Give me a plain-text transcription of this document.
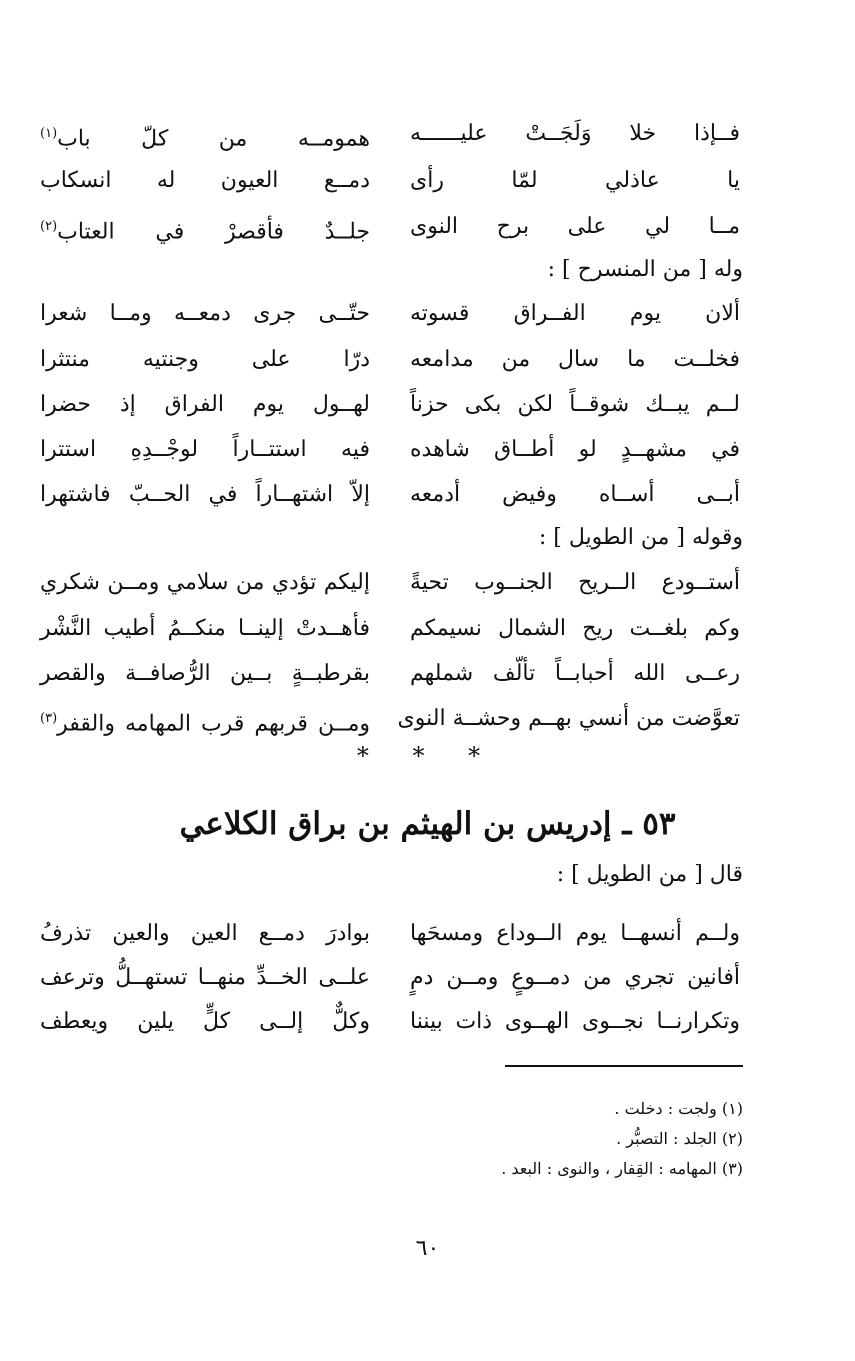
فــإذا خلا وَلَجَــتْ عليــــــه
هموم‍ــه من كلّ باب$^{(١)}$
يا عاذلي لمّا رأى
دمــع العيون له انسكاب
مــا لي على برح النوى
جلــدٌ فأقصرْ في العتاب$^{(٢)}$
وله [ من المنسرح ] :
ألان يوم الفــراق قسوته
حتّــى جرى دمعــه ومــا شعرا
فخلــت ما سال من مدامعه
درّا على وجنتيه منتثرا
لــم يبــك شوقــاً لكن بكى حزناً
لهــول يوم الفراق إذ حضرا
في مشهــدٍ لو أطــاق شاهده
فيه استتــاراً لوجْــدِهِ استترا
أبــى أســاه وفيض أدمعه
إلاّ اشتهــاراً في الحــبّ فاشتهرا
وقوله [ من الطويل ] :
أستــودع الــريح الجنــوب تحيةً
إليكم تؤدي من سلامي ومــن شكري
وكم بلغــت ريح الشمال نسيمكم
فأهــدتْ إلينــا منكــمُ أطيب النَّشْر
رعــى الله أحبابــاً تألّف شملهم
بقرطبــةٍ بــين الرُّصافــة والقصر
تعوَّضت من أنسي بهــم وحشــة النوى
ومــن قربهم قرب المهامه والقفر$^{(٣)}$
* * *
٥٣ ـ إدريس بن الهيثم بن براق الكلاعي
قال [ من الطويل ] :
ولــم أنسهــا يوم الــوداع ومسحَها
بوادرَ دمــع العين والعين تذرفُ
أفانين تجري من دمــوعٍ ومــن دمٍ
علــى الخــدِّ منهــا تستهــلُّ وترعف
وتكرارنــا نجــوى الهــوى ذات بيننا
وكلٌّ إلــى كلٍّ يلين ويعطف
(١) ولجت : دخلت .
(٢) الجلد : التصبُّر .
(٣) المهامه : القِفار ، والنوى : البعد .
٦٠
